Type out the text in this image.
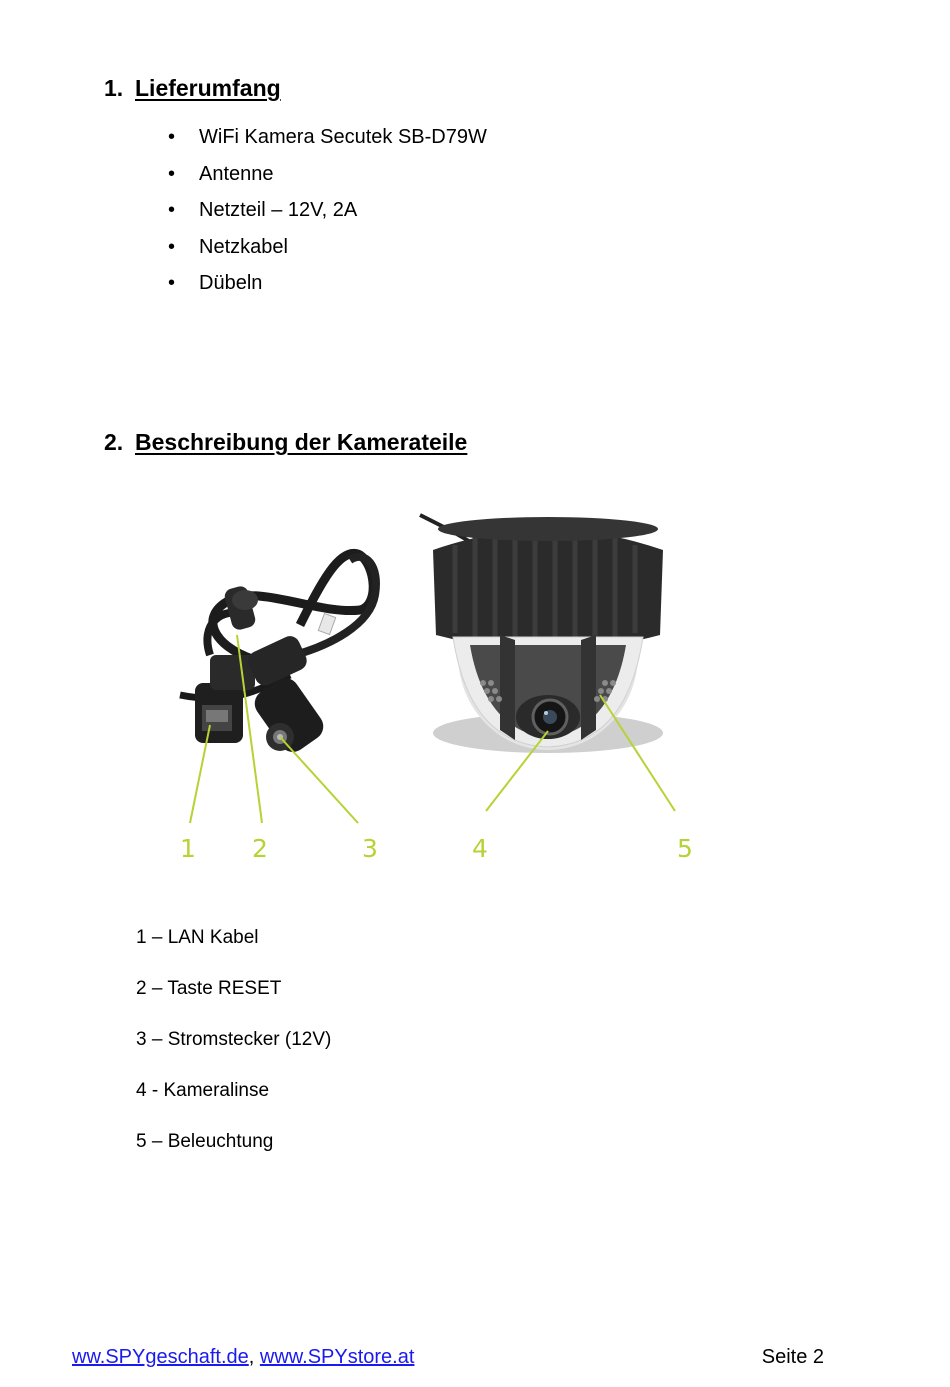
1. Lieferumfang
•	WiFi Kamera Secutek SB-D79W
•	Antenne
•	Netzteil – 12V, 2A
•	Netzkabel
•	Dübeln
2. Beschreibung der Kamerateile
1 2	3	4	5
1 – LAN Kabel
2 – Taste RESET
3 – Stromstecker (12V)
4 - Kameralinse
5 – Beleuchtung
ww.SPYgeschaft.de, www.SPYstore.at	Seite 2
